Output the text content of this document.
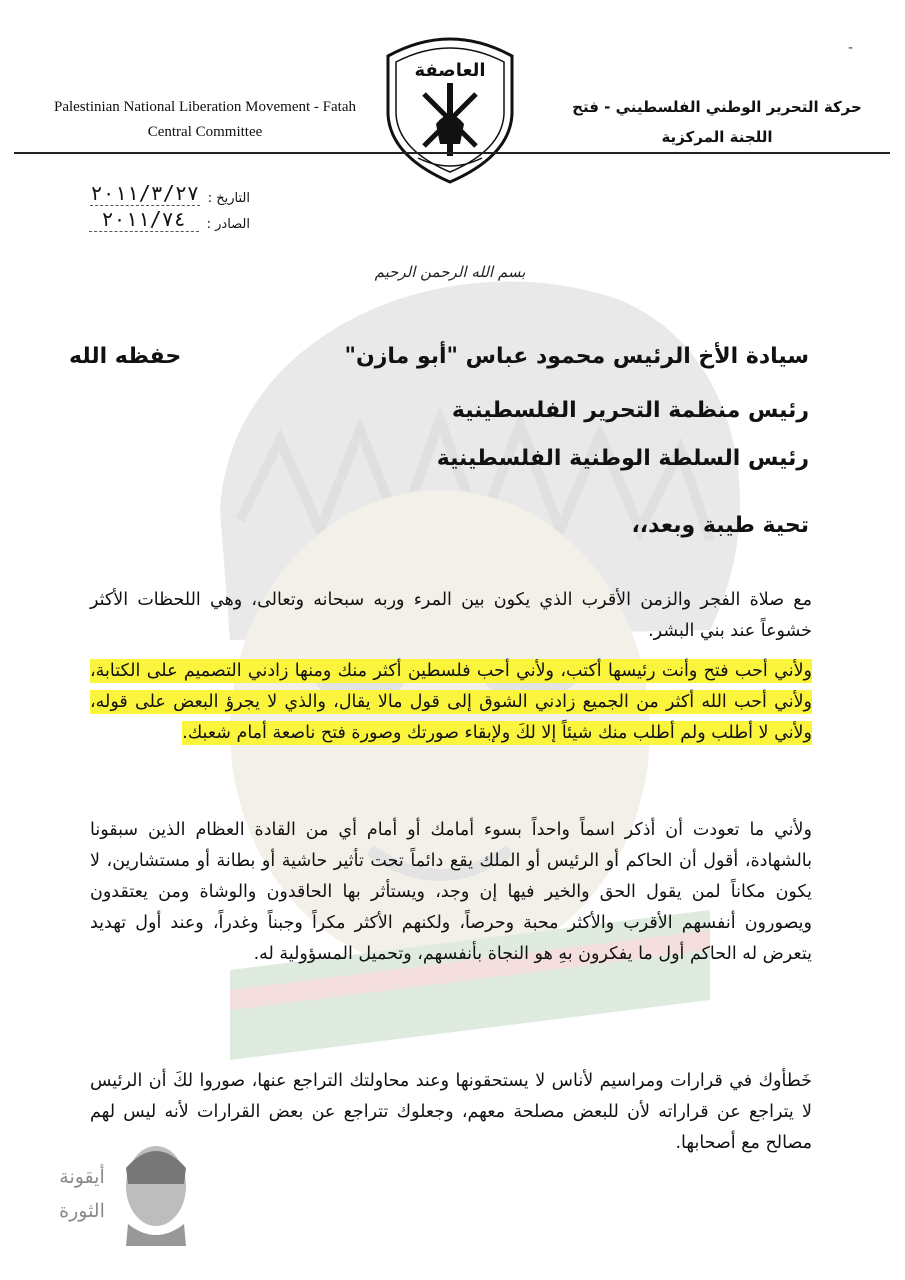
-
Palestinian National Liberation Movement - Fatah
Central Committee
العاصفة
حركة التحرير الوطني الفلسطيني - فتح
اللجنة المركزية
التاريخ :
٢٠١١/٣/٢٧
الصادر :
٢٠١١/٧٤
بسم الله الرحمن الرحيم
سيادة الأخ الرئيس محمود عباس "أبو مازن"
حفظه الله
رئيس منظمة التحرير الفلسطينية
رئيس السلطة الوطنية الفلسطينية
تحية طيبة وبعد،،
مع صلاة الفجر والزمن الأقرب الذي يكون بين المرء وربه سبحانه وتعالى، وهي اللحظات الأكثر خشوعاً عند بني البشر.
ولأني أحب فتح وأنت رئيسها أكتب، ولأني أحب فلسطين أكثر منك ومنها زادني التصميم على الكتابة، ولأني أحب الله أكثر من الجميع زادني الشوق إلى قول مالا يقال، والذي لا يجرؤ البعض على قوله، ولأني لا أطلب ولم أطلب منك شيئاً إلا لكَ ولإبقاء صورتك وصورة فتح ناصعة أمام شعبك.
ولأني ما تعودت أن أذكر اسماً واحداً بسوء أمامك أو أمام أي من القادة العظام الذين سبقونا بالشهادة، أقول أن الحاكم أو الرئيس أو الملك يقع دائماً تحت تأثير حاشية أو بطانة أو مستشارين، لا يكون مكاناً لمن يقول الحق والخير فيها إن وجد، ويستأثر بها الحاقدون والوشاة ومن يعتقدون ويصورون أنفسهم الأقرب والأكثر محبة وحرصاً، ولكنهم الأكثر مكراً وجبناً وغدراً، وعند أول تهديد يتعرض له الحاكم أول ما يفكرون بهِ هو النجاة بأنفسهم، وتحميل المسؤولية له.
خَطأوك في قرارات ومراسيم لأناس لا يستحقونها وعند محاولتك التراجع عنها، صوروا لكَ أن الرئيس لا يتراجع عن قراراته لأن للبعض مصلحة معهم، وجعلوك تتراجع عن بعض القرارات لأنه ليس لهم مصالح مع أصحابها.
أيقونة الثورة
